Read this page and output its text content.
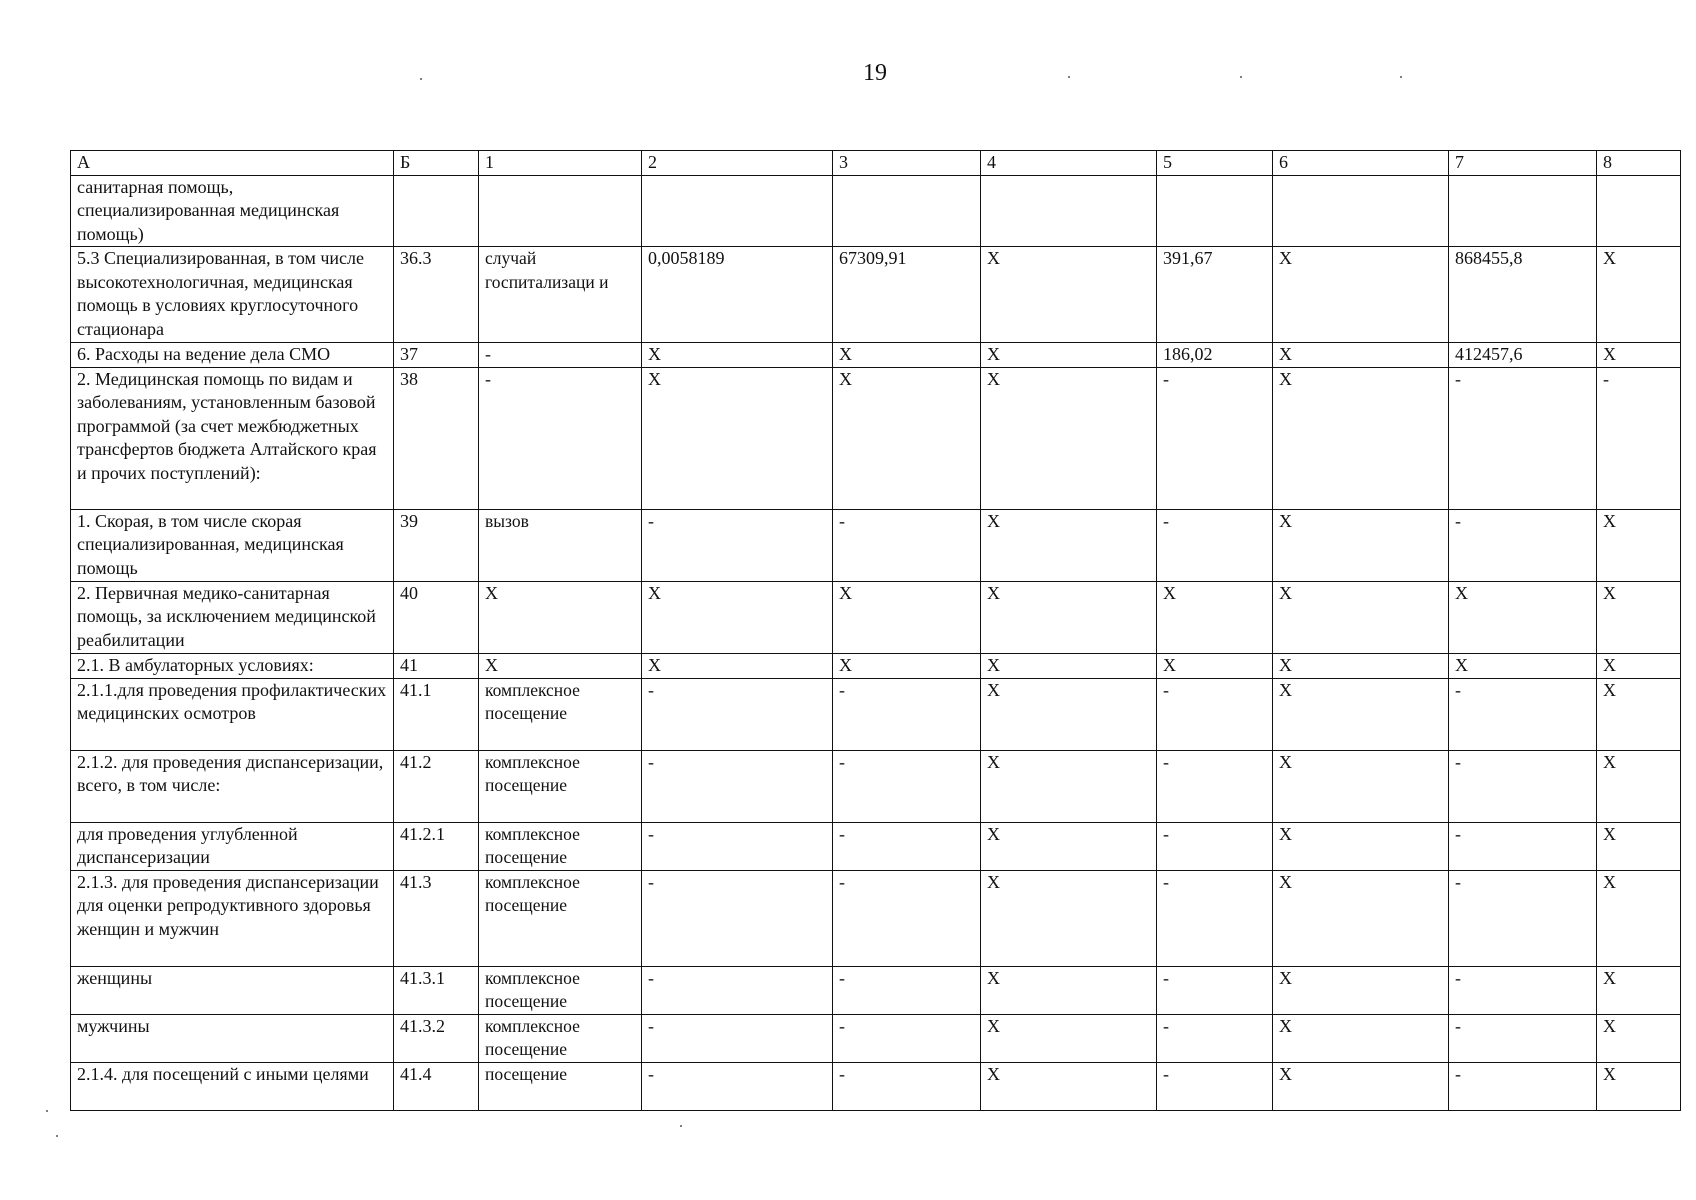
19
А	Б	1	2	3	4	5	6	7	8
санитарная помощь, специализированная медицинская помощь)									
5.3 Специализированная, в том числе высокотехнологичная, медицинская помощь в условиях круглосуточного стационара	36.3	случай госпитализаци и	0,0058189	67309,91	Х	391,67	Х	868455,8	Х
6. Расходы на ведение дела СМО	37	-	Х	Х	Х	186,02	Х	412457,6	Х
2. Медицинская помощь по видам и заболеваниям, установленным базовой программой (за счет межбюджетных трансфертов бюджета Алтайского края и прочих поступлений):	38	-	Х	Х	Х	-	Х	-	-
1. Скорая, в том числе скорая специализированная, медицинская помощь	39	вызов	-	-	Х	-	Х	-	Х
2. Первичная медико-санитарная помощь, за исключением медицинской реабилитации	40	Х	Х	Х	Х	Х	Х	Х	Х
2.1. В амбулаторных условиях:	41	Х	Х	Х	Х	Х	Х	Х	Х
2.1.1.для проведения профилактических медицинских осмотров	41.1	комплексное посещение	-	-	Х	-	Х	-	Х
2.1.2. для проведения диспансеризации, всего, в том числе:	41.2	комплексное посещение	-	-	Х	-	Х	-	Х
для проведения углубленной диспансеризации	41.2.1	комплексное посещение	-	-	Х	-	Х	-	Х
2.1.3. для проведения диспансеризации для оценки репродуктивного здоровья женщин и мужчин	41.3	комплексное посещение	-	-	Х	-	Х	-	Х
женщины	41.3.1	комплексное посещение	-	-	Х	-	Х	-	Х
мужчины	41.3.2	комплексное посещение	-	-	Х	-	Х	-	Х
2.1.4. для посещений с иными целями	41.4	посещение	-	-	Х	-	Х	-	Х
